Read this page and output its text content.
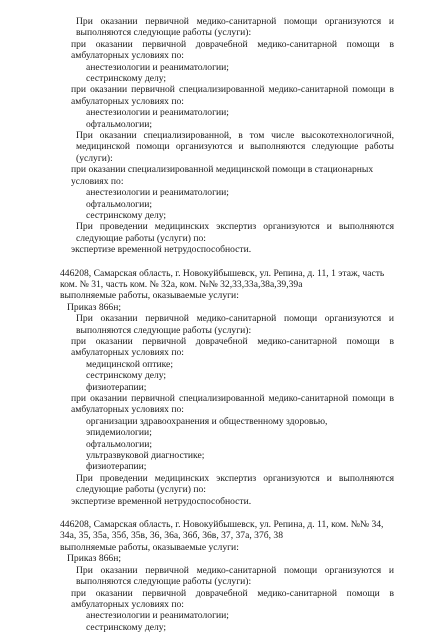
При оказании первичной медико-санитарной помощи организуются и выполняются следующие работы (услуги):

при оказании первичной доврачебной медико-санитарной помощи в амбулаторных условиях по:

анестезиологии и реаниматологии;

сестринскому делу;

при оказании первичной специализированной медико-санитарной помощи в амбулаторных условиях по:

анестезиологии и реаниматологии;

офтальмологии;

При оказании специализированной, в том числе высокотехнологичной, медицинской помощи организуются и выполняются следующие работы (услуги):

при оказании специализированной медицинской помощи в стационарных условиях по:

анестезиологии и реаниматологии;

офтальмологии;

сестринскому делу;

При проведении медицинских экспертиз организуются и выполняются следующие работы (услуги) по:

экспертизе временной нетрудоспособности.

446208, Самарская область, г. Новокуйбышевск, ул. Репина, д. 11, 1 этаж, часть ком. № 31, часть ком. № 32а, ком. №№ 32,33,33а,38а,39,39а

выполняемые работы, оказываемые услуги:

Приказ 866н;

При оказании первичной медико-санитарной помощи организуются и выполняются следующие работы (услуги):

при оказании первичной доврачебной медико-санитарной помощи в амбулаторных условиях по:

медицинской оптике;

сестринскому делу;

физиотерапии;

при оказании первичной специализированной медико-санитарной помощи в амбулаторных условиях по:

организации здравоохранения и общественному здоровью, эпидемиологии;

офтальмологии;

ультразвуковой диагностике;

физиотерапии;

При проведении медицинских экспертиз организуются и выполняются следующие работы (услуги) по:

экспертизе временной нетрудоспособности.

446208, Самарская область, г. Новокуйбышевск, ул. Репина, д. 11, ком. №№ 34, 34а, 35, 35а, 35б, 35в, 36, 36а, 36б, 36в, 37, 37а, 37б, 38

выполняемые работы, оказываемые услуги:

Приказ 866н;

При оказании первичной медико-санитарной помощи организуются и выполняются следующие работы (услуги):

при оказании первичной доврачебной медико-санитарной помощи в амбулаторных условиях по:

анестезиологии и реаниматологии;

сестринскому делу;
